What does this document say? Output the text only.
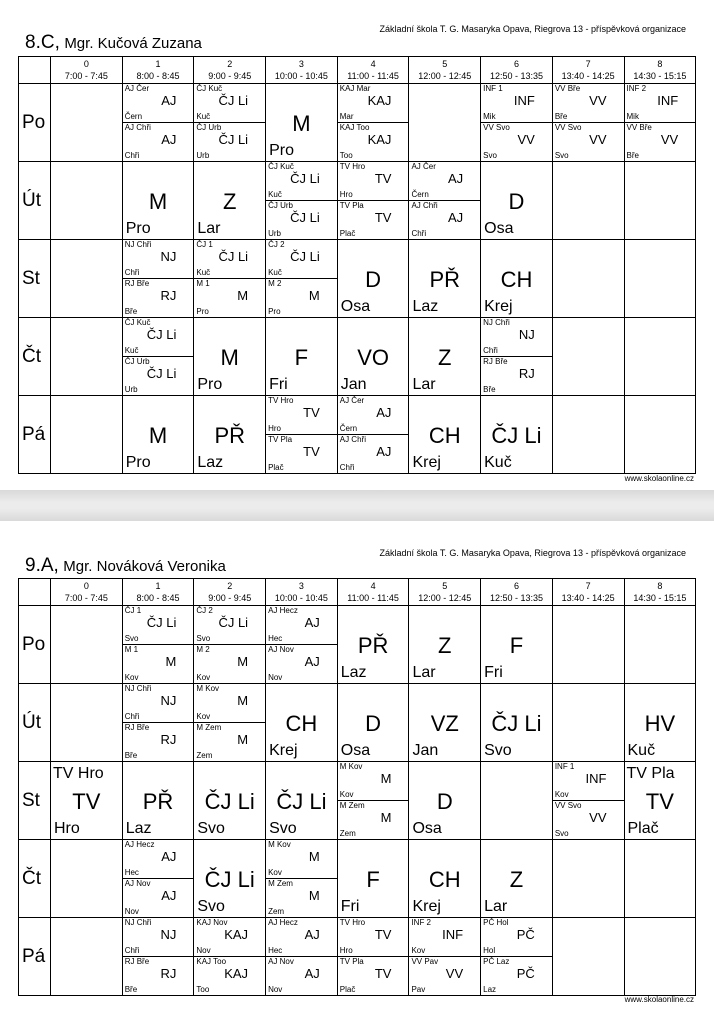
Základní škola T. G. Masaryka Opava, Riegrova 13 - příspěvková organizace
8.C, Mgr. Kučová Zuzana
0
7:00 - 7:45
1
8:00 - 8:45
2
9:00 - 9:45
3
10:00 - 10:45
4
11:00 - 11:45
5
12:00 - 12:45
6
12:50 - 13:35
7
13:40 - 14:25
8
14:30 - 15:15
Po
AJ Čer
AJ
Čern
AJ Chři
AJ
Chři
ČJ Kuč
ČJ Li
Kuč
ČJ Urb
ČJ Li
Urb
M
Pro
KAJ Mar
KAJ
Mar
KAJ Too
KAJ
Too
INF 1
INF
Mik
VV Svo
VV
Svo
VV Bře
VV
Bře
VV Svo
VV
Svo
INF 2
INF
Mik
VV Bře
VV
Bře
Út	M
Pro
Z
Lar
ČJ Kuč
ČJ Li
Kuč
ČJ Urb
ČJ Li
Urb
TV Hro
TV
Hro
TV Pla
TV
Plač
AJ Čer
AJ
Čern
AJ Chři
AJ
Chři
D
Osa
St
NJ Chři
NJ
Chři
RJ Bře
RJ
Bře
ČJ 1
ČJ Li
Kuč
M 1
M
Pro
ČJ 2
ČJ Li
Kuč
M 2
M
Pro
D
Osa
PŘ
Laz
CH
Krej
Čt
ČJ Kuč
ČJ Li
Kuč
ČJ Urb
ČJ Li
Urb
M
Pro
F
Fri
VO
Jan
Z
Lar
NJ Chři
NJ
Chři
RJ Bře
RJ
Bře
Pá	M
Pro
PŘ
Laz
TV Hro
TV
Hro
TV Pla
TV
Plač
AJ Čer
AJ
Čern
AJ Chři
AJ
Chři
CH
Krej
ČJ Li
Kuč
www.skolaonline.cz
Základní škola T. G. Masaryka Opava, Riegrova 13 - příspěvková organizace
9.A, Mgr. Nováková Veronika
0
7:00 - 7:45
1
8:00 - 8:45
2
9:00 - 9:45
3
10:00 - 10:45
4
11:00 - 11:45
5
12:00 - 12:45
6
12:50 - 13:35
7
13:40 - 14:25
8
14:30 - 15:15
Po
ČJ 1
ČJ Li
Svo
M 1
M
Kov
ČJ 2
ČJ Li
Svo
M 2
M
Kov
AJ Hecz
AJ
Hec
AJ Nov
AJ
Nov
PŘ
Laz
Z
Lar
F
Fri
Út
NJ Chři
NJ
Chři
RJ Bře
RJ
Bře
M Kov
M
Kov
M Zem
M
Zem
CH
Krej
D
Osa
VZ
Jan
ČJ Li
Svo
HV
Kuč
St
TV Hro
TV
Hro
PŘ
Laz
ČJ Li
Svo
ČJ Li
Svo
M Kov
M
Kov
M Zem
M
Zem
D
Osa
INF 1
INF
Kov
VV Svo
VV
Svo
TV Pla
TV
Plač
Čt
AJ Hecz
AJ
Hec
AJ Nov
AJ
Nov
ČJ Li
Svo
M Kov
M
Kov
M Zem
M
Zem
F
Fri
CH
Krej
Z
Lar
Pá
NJ Chři
NJ
Chři
RJ Bře
RJ
Bře
KAJ Nov
KAJ
Nov
KAJ Too
KAJ
Too
AJ Hecz
AJ
Hec
AJ Nov
AJ
Nov
TV Hro
TV
Hro
TV Pla
TV
Plač
INF 2
INF
Kov
VV Pav
VV
Pav
PČ Hol
PČ
Hol
PČ Laz
PČ
Laz
www.skolaonline.cz
